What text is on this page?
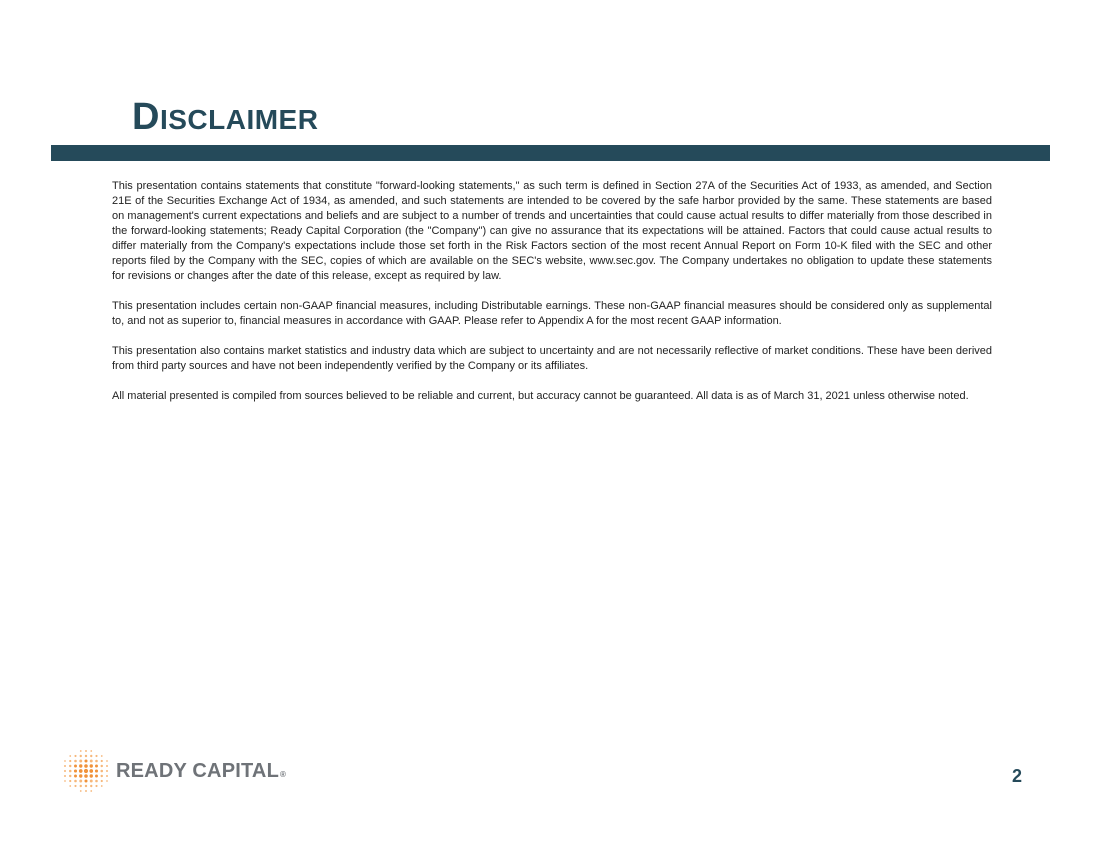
DISCLAIMER

This presentation contains statements that constitute "forward-looking statements," as such term is defined in Section 27A of the Securities Act of 1933, as amended, and Section 21E of the Securities Exchange Act of 1934, as amended, and such statements are intended to be covered by the safe harbor provided by the same. These statements are based on management's current expectations and beliefs and are subject to a number of trends and uncertainties that could cause actual results to differ materially from those described in the forward-looking statements; Ready Capital Corporation (the "Company") can give no assurance that its expectations will be attained. Factors that could cause actual results to differ materially from the Company's expectations include those set forth in the Risk Factors section of the most recent Annual Report on Form 10-K filed with the SEC and other reports filed by the Company with the SEC, copies of which are available on the SEC's website, www.sec.gov. The Company undertakes no obligation to update these statements for revisions or changes after the date of this release, except as required by law.

This presentation includes certain non-GAAP financial measures, including Distributable earnings. These non-GAAP financial measures should be considered only as supplemental to, and not as superior to, financial measures in accordance with GAAP. Please refer to Appendix A for the most recent GAAP information.

This presentation also contains market statistics and industry data which are subject to uncertainty and are not necessarily reflective of market conditions. These have been derived from third party sources and have not been independently verified by the Company or its affiliates.

All material presented is compiled from sources believed to be reliable and current, but accuracy cannot be guaranteed. All data is as of March 31, 2021 unless otherwise noted.

READY CAPITAL®	2
